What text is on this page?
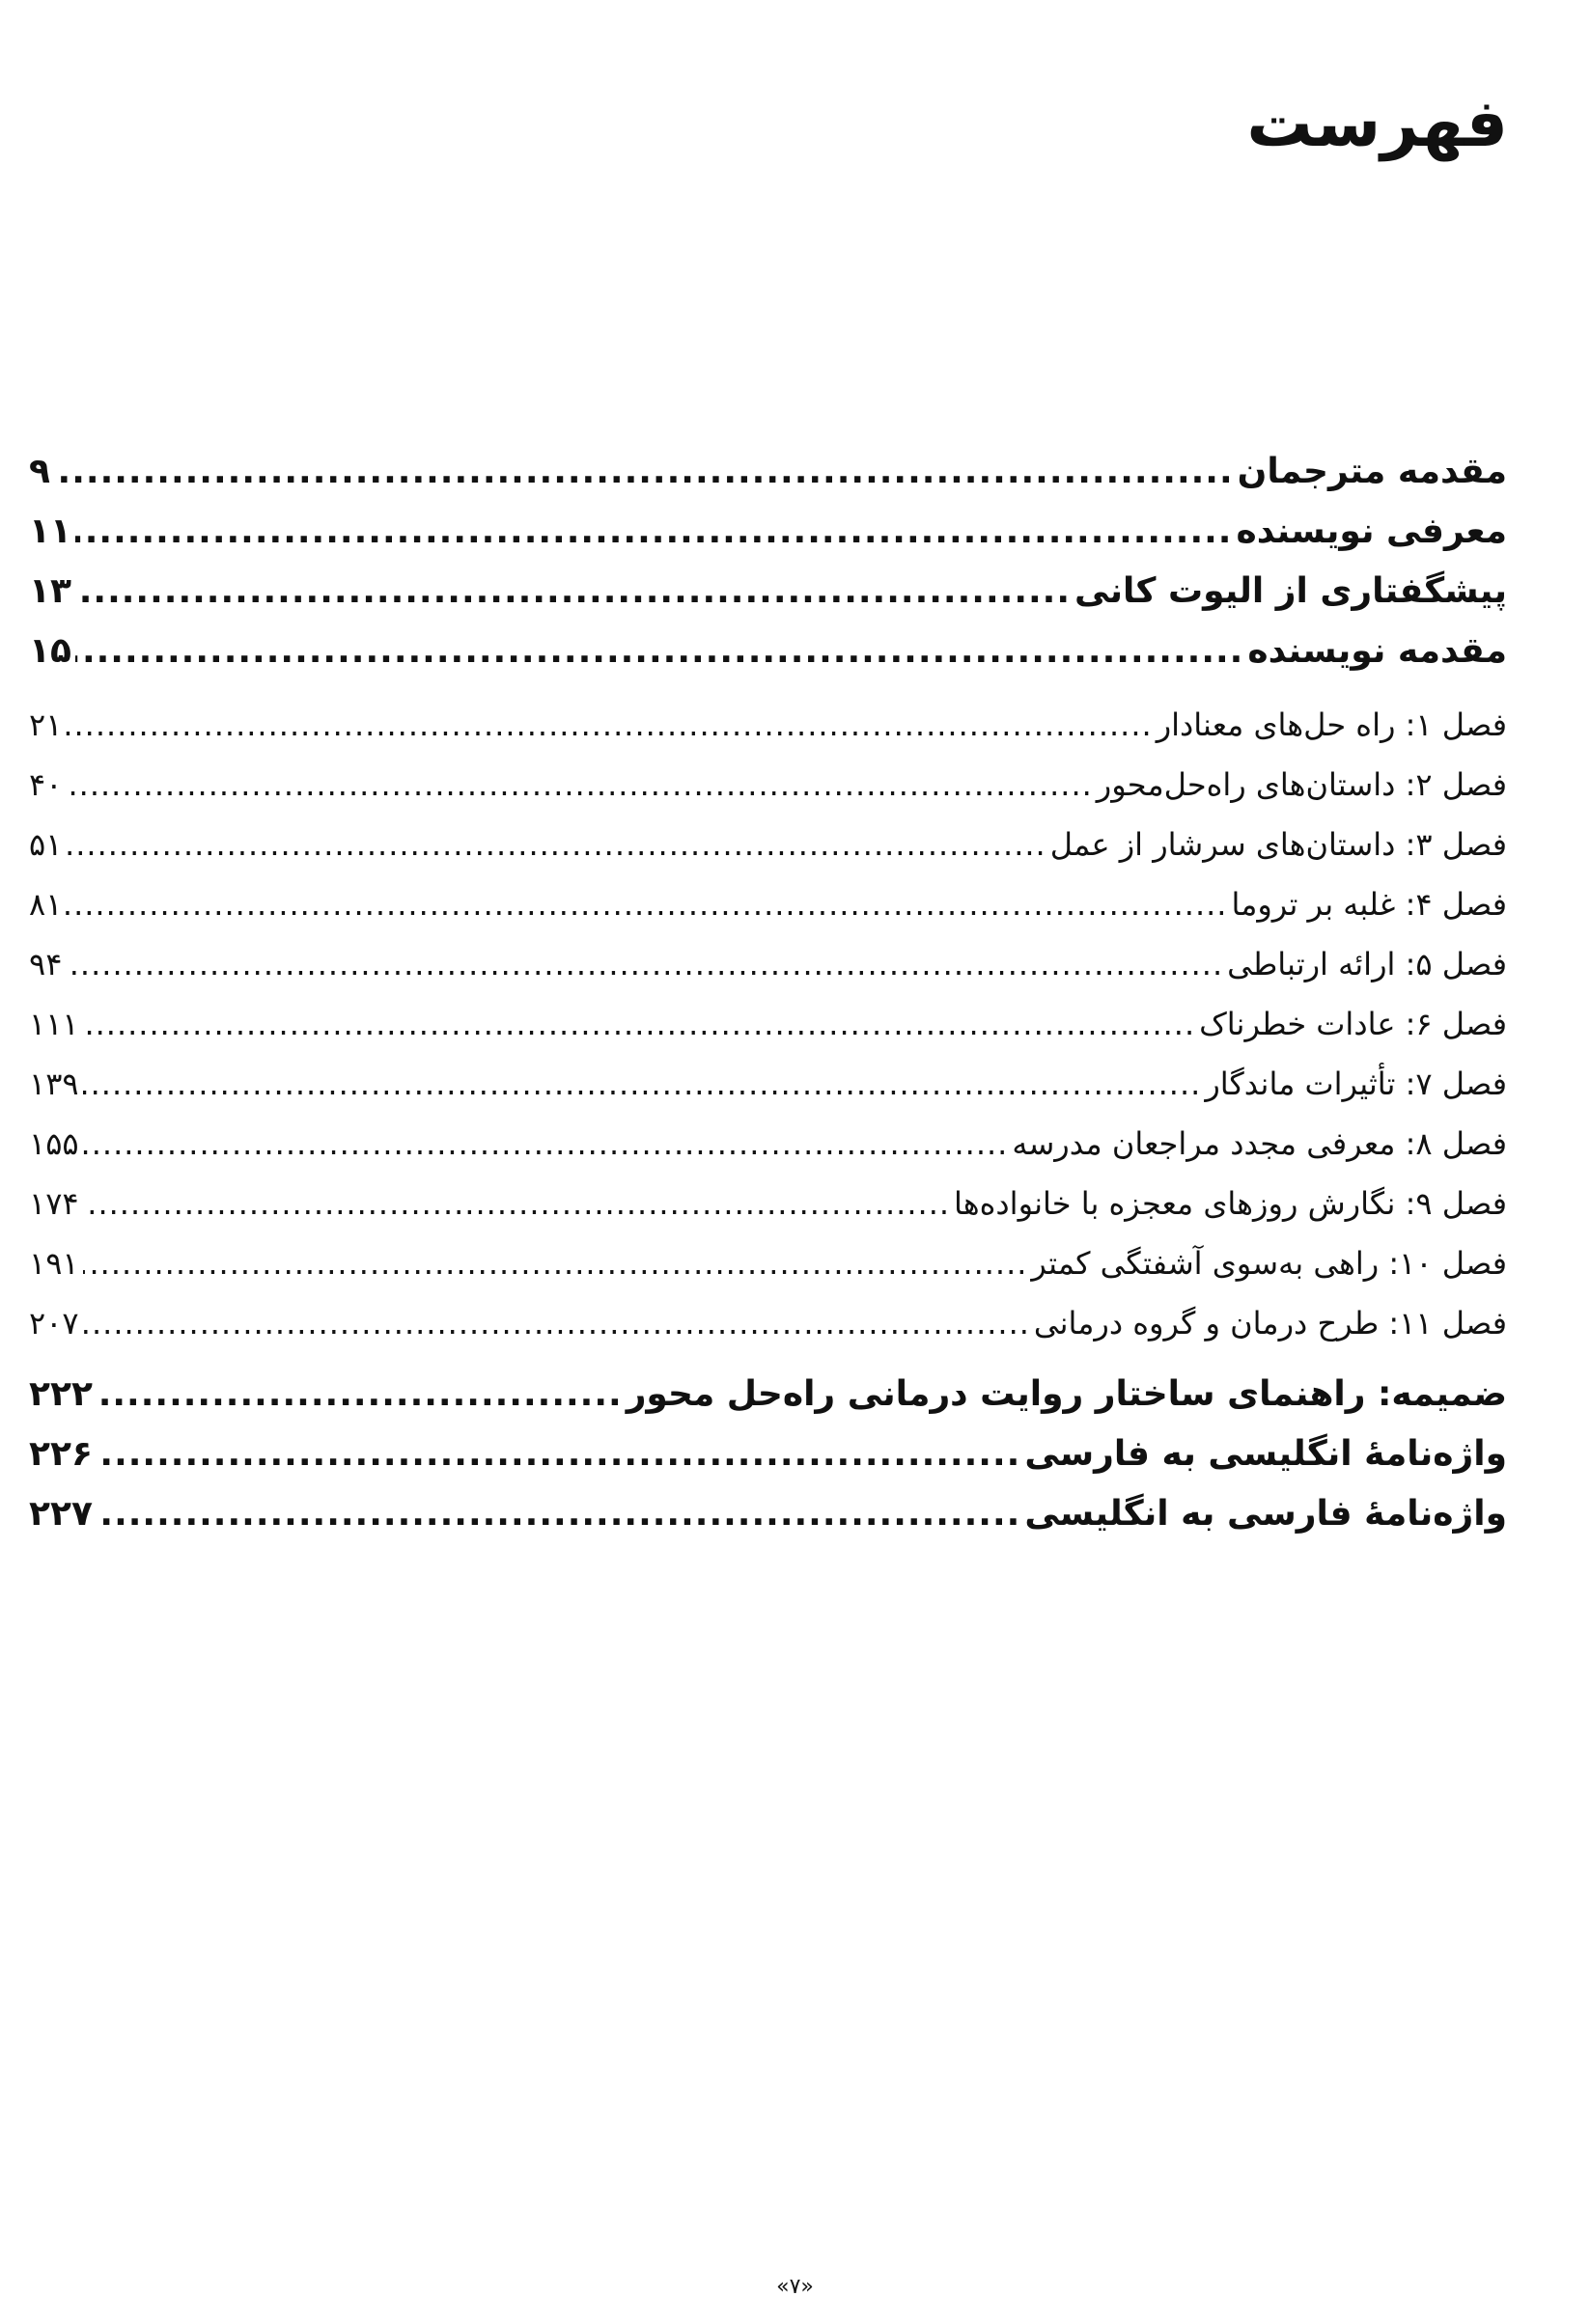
فهرست
مقدمه مترجمان
.....
۹
معرفی نویسنده
.....
۱۱
پیشگفتاری از الیوت کانی
.....
۱۳
مقدمه نویسنده
.....
۱۵
فصل ۱: راه حل‌های معنادار
.....
۲۱
فصل ۲: داستان‌های راه‌حل‌محور
.....
۴۰
فصل ۳: داستان‌های سرشار از عمل
.....
۵۱
فصل ۴: غلبه بر تروما
.....
۸۱
فصل ۵: ارائه ارتباطی
.....
۹۴
فصل ۶: عادات خطرناک
.....
۱۱۱
فصل ۷: تأثیرات ماندگار
.....
۱۳۹
فصل ۸: معرفی مجدد مراجعان مدرسه
.....
۱۵۵
فصل ۹: نگارش روزهای معجزه با خانواده‌ها
.....
۱۷۴
فصل ۱۰: راهی به‌سوی آشفتگی کمتر
.....
۱۹۱
فصل ۱۱: طرح درمان و گروه درمانی
.....
۲۰۷
ضمیمه: راهنمای ساختار روایت درمانی راه‌حل محور
.....
۲۲۲
واژه‌نامهٔ انگلیسی به فارسی
.....
۲۲۶
واژه‌نامهٔ فارسی به انگلیسی
.....
۲۲۷
«۷»
